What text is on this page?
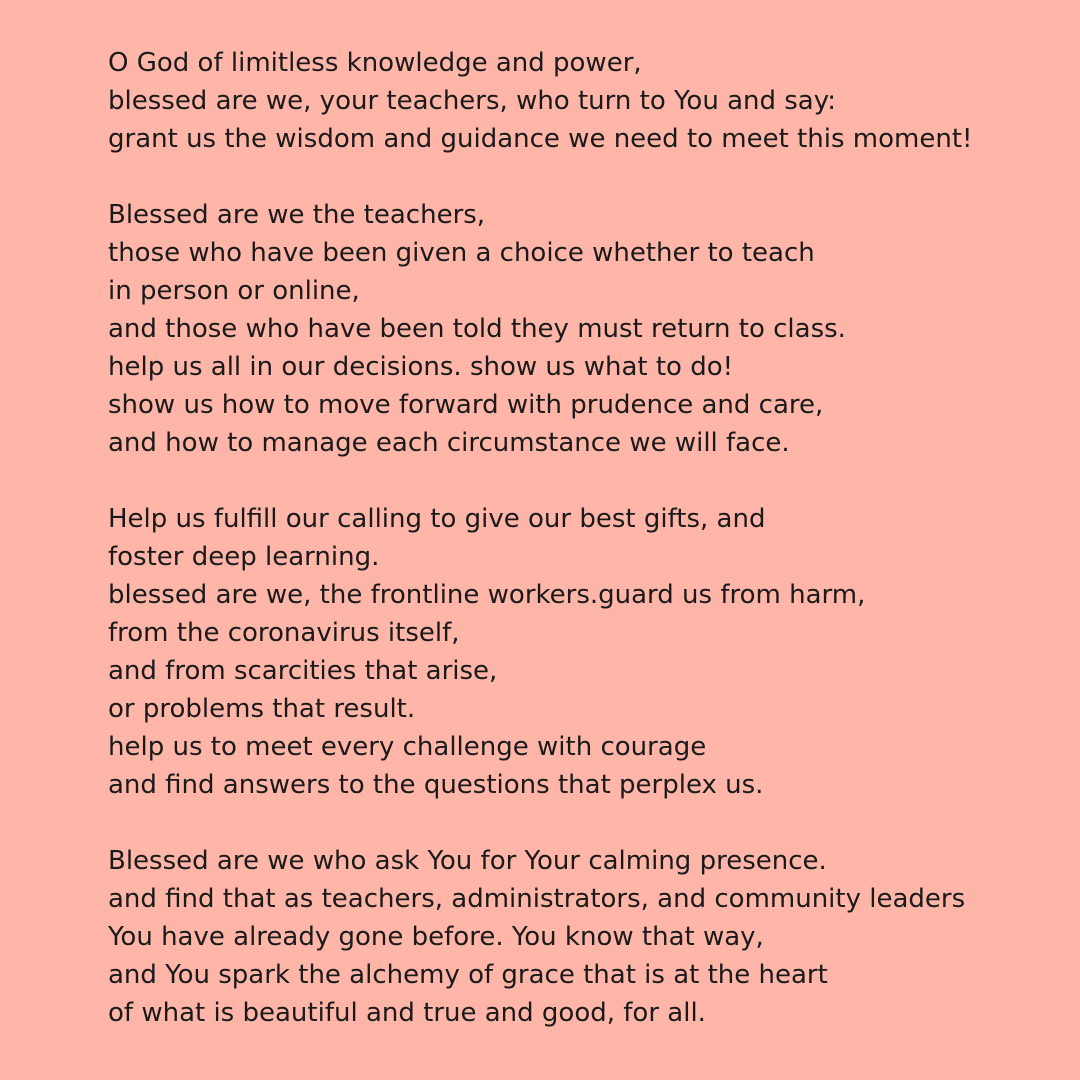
O God of limitless knowledge and power,
blessed are we, your teachers, who turn to You and say:
grant us the wisdom and guidance we need to meet this moment!
Blessed are we the teachers,
those who have been given a choice whether to teach
in person or online,
and those who have been told they must return to class.
help us all in our decisions. show us what to do!
show us how to move forward with prudence and care,
and how to manage each circumstance we will face.
Help us fulfill our calling to give our best gifts, and
foster deep learning.
blessed are we, the frontline workers.guard us from harm,
from the coronavirus itself,
and from scarcities that arise,
or problems that result.
help us to meet every challenge with courage
and find answers to the questions that perplex us.
Blessed are we who ask You for Your calming presence.
and find that as teachers, administrators, and community leaders
You have already gone before. You know that way,
and You spark the alchemy of grace that is at the heart
of what is beautiful and true and good, for all.
